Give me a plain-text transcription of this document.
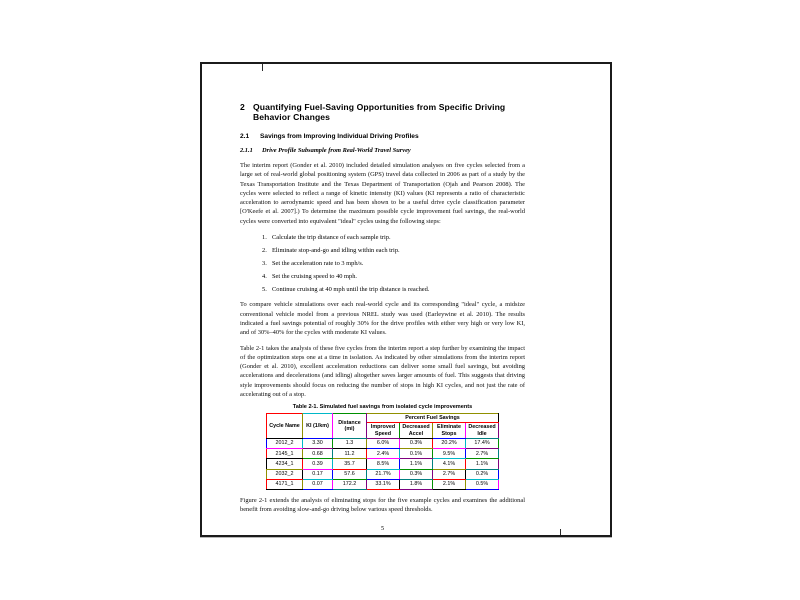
2 Quantifying Fuel-Saving Opportunities from Specific Driving Behavior Changes
2.1	Savings from Improving Individual Driving Profiles
2.1.1	Drive Profile Subsample from Real-World Travel Survey
The interim report (Gonder et al. 2010) included detailed simulation analyses on five cycles selected from a large set of real-world global positioning system (GPS) travel data collected in 2006 as part of a study by the Texas Transportation Institute and the Texas Department of Transportation (Ojah and Pearson 2008). The cycles were selected to reflect a range of kinetic intensity (KI) values (KI represents a ratio of characteristic acceleration to aerodynamic speed and has been shown to be a useful drive cycle classification parameter [O'Keefe et al. 2007].) To determine the maximum possible cycle improvement fuel savings, the real-world cycles were converted into equivalent "ideal" cycles using the following steps:
1. Calculate the trip distance of each sample trip.
2. Eliminate stop-and-go and idling within each trip.
3. Set the acceleration rate to 3 mph/s.
4. Set the cruising speed to 40 mph.
5. Continue cruising at 40 mph until the trip distance is reached.
To compare vehicle simulations over each real-world cycle and its corresponding "ideal" cycle, a midsize conventional vehicle model from a previous NREL study was used (Earleywine et al. 2010). The results indicated a fuel savings potential of roughly 30% for the drive profiles with either very high or very low KI, and of 30%–40% for the cycles with moderate KI values.
Table 2-1 takes the analysis of these five cycles from the interim report a step further by examining the impact of the optimization steps one at a time in isolation. As indicated by other simulations from the interim report (Gonder et al. 2010), excellent acceleration reductions can deliver some small fuel savings, but avoiding accelerations and decelerations (and idling) altogether saves larger amounts of fuel. This suggests that driving style improvements should focus on reducing the number of stops in high KI cycles, and not just the rate of accelerating out of a stop.
Table 2-1. Simulated fuel savings from isolated cycle improvements
Cycle Name	KI (1/km)	Distance (mi)	Percent Fuel Savings			
			Improved Speed	Decreased Accel	Eliminate Stops	Decreased Idle
2012_2	3.30	1.3	6.0%	0.3%	20.2%	17.4%
2145_1	0.68	11.2	2.4%	0.1%	9.5%	2.7%
4234_1	0.39	35.7	8.5%	1.1%	4.1%	1.1%
2032_2	0.17	57.6	21.7%	0.3%	2.7%	0.2%
4171_1	0.07	172.2	33.1%	1.8%	2.1%	0.5%
Figure 2-1 extends the analysis of eliminating stops for the five example cycles and examines the additional benefit from avoiding slow-and-go driving below various speed thresholds.
5
